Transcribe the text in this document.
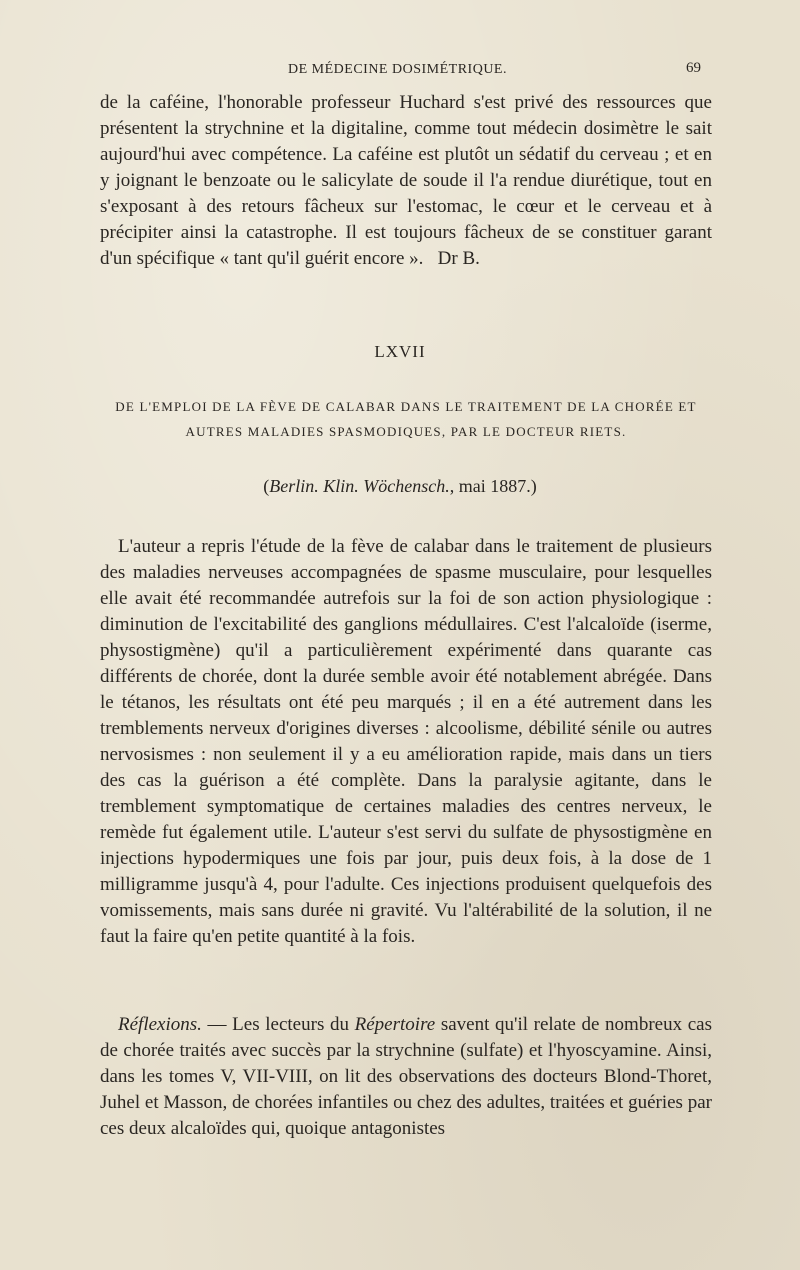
DE MÉDECINE DOSIMÉTRIQUE.	69

de la caféine, l'honorable professeur Huchard s'est privé des ressources que présentent la strychnine et la digitaline, comme tout médecin dosimètre le sait aujourd'hui avec compétence. La caféine est plutôt un sédatif du cerveau ; et en y joignant le benzoate ou le salicylate de soude il l'a rendue diurétique, tout en s'exposant à des retours fâcheux sur l'estomac, le cœur et le cerveau et à précipiter ainsi la catastrophe. Il est toujours fâcheux de se constituer garant d'un spécifique « tant qu'il guérit encore ». Dr B.

LXVII
DE L'EMPLOI DE LA FÈVE DE CALABAR DANS LE TRAITEMENT DE LA CHORÉE ET AUTRES MALADIES SPASMODIQUES, PAR LE DOCTEUR RIETS.
(Berlin. Klin. Wöchensch., mai 1887.)

L'auteur a repris l'étude de la fève de calabar dans le traitement de plusieurs des maladies nerveuses accompagnées de spasme musculaire, pour lesquelles elle avait été recommandée autrefois sur la foi de son action physiologique : diminution de l'excitabilité des ganglions médullaires. C'est l'alcaloïde (iserme, physostigmène) qu'il a particulièrement expérimenté dans quarante cas différents de chorée, dont la durée semble avoir été notablement abrégée. Dans le tétanos, les résultats ont été peu marqués ; il en a été autrement dans les tremblements nerveux d'origines diverses : alcoolisme, débilité sénile ou autres nervosismes : non seulement il y a eu amélioration rapide, mais dans un tiers des cas la guérison a été complète. Dans la paralysie agitante, dans le tremblement symptomatique de certaines maladies des centres nerveux, le remède fut également utile. L'auteur s'est servi du sulfate de physostigmène en injections hypodermiques une fois par jour, puis deux fois, à la dose de 1 milligramme jusqu'à 4, pour l'adulte. Ces injections produisent quelquefois des vomissements, mais sans durée ni gravité. Vu l'altérabilité de la solution, il ne faut la faire qu'en petite quantité à la fois.

Réflexions. — Les lecteurs du Répertoire savent qu'il relate de nombreux cas de chorée traités avec succès par la strychnine (sulfate) et l'hyoscyamine. Ainsi, dans les tomes V, VII-VIII, on lit des observations des docteurs Blond-Thoret, Juhel et Masson, de chorées infantiles ou chez des adultes, traitées et guéries par ces deux alcaloïdes qui, quoique antagonistes
